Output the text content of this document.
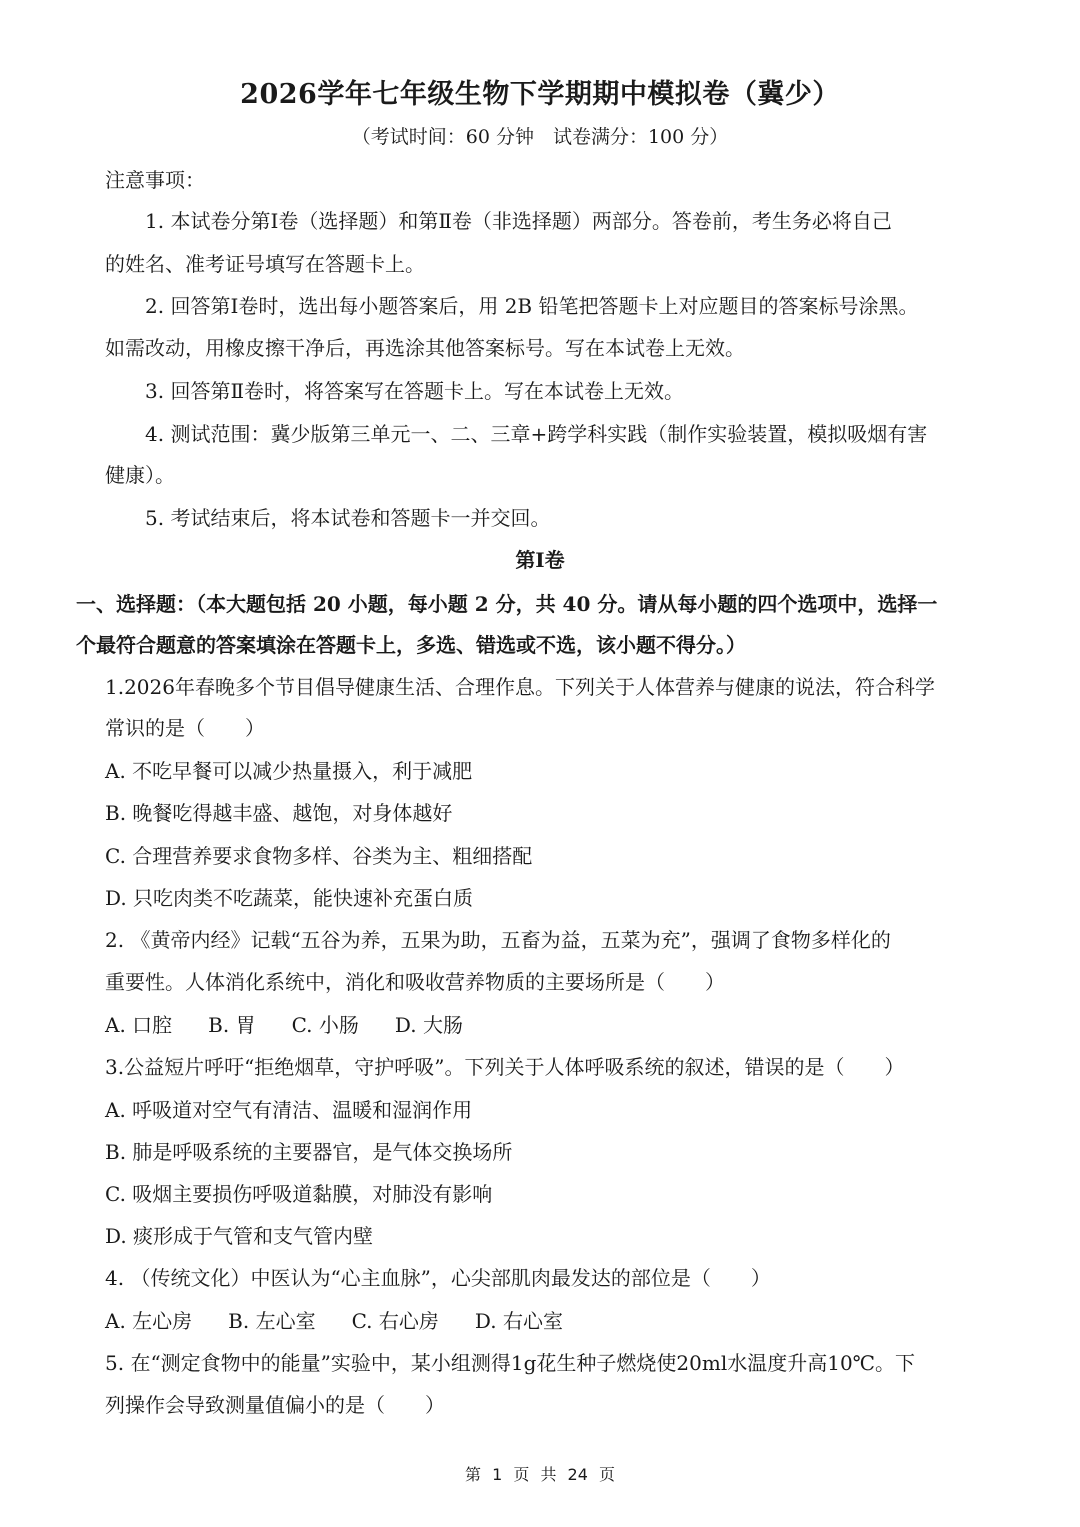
2026学年七年级生物下学期期中模拟卷（冀少）
（考试时间：60 分钟　试卷满分：100 分）
注意事项：
1. 本试卷分第Ⅰ卷（选择题）和第Ⅱ卷（非选择题）两部分。答卷前，考生务必将自己
的姓名、准考证号填写在答题卡上。
2. 回答第Ⅰ卷时，选出每小题答案后，用 2B 铅笔把答题卡上对应题目的答案标号涂黑。
如需改动，用橡皮擦干净后，再选涂其他答案标号。写在本试卷上无效。
3. 回答第Ⅱ卷时，将答案写在答题卡上。写在本试卷上无效。
4. 测试范围：冀少版第三单元一、二、三章+跨学科实践（制作实验装置，模拟吸烟有害
健康）。
5. 考试结束后，将本试卷和答题卡一并交回。
第Ⅰ卷
一、选择题：（本大题包括 20 小题，每小题 2 分，共 40 分。请从每小题的四个选项中，选择一
个最符合题意的答案填涂在答题卡上，多选、错选或不选，该小题不得分。）
1.2026年春晚多个节目倡导健康生活、合理作息。下列关于人体营养与健康的说法，符合科学
常识的是（　　）
A. 不吃早餐可以减少热量摄入，利于减肥
B. 晚餐吃得越丰盛、越饱，对身体越好
C. 合理营养要求食物多样、谷类为主、粗细搭配
D. 只吃肉类不吃蔬菜，能快速补充蛋白质
2. 《黄帝内经》记载“五谷为养，五果为助，五畜为益，五菜为充”，强调了食物多样化的
重要性。人体消化系统中，消化和吸收营养物质的主要场所是（　　）
A. 口腔 B. 胃 C. 小肠 D. 大肠
3.公益短片呼吁“拒绝烟草，守护呼吸”。下列关于人体呼吸系统的叙述，错误的是（　　）
A. 呼吸道对空气有清洁、温暖和湿润作用
B. 肺是呼吸系统的主要器官，是气体交换场所
C. 吸烟主要损伤呼吸道黏膜，对肺没有影响
D. 痰形成于气管和支气管内壁
4. （传统文化）中医认为“心主血脉”，心尖部肌肉最发达的部位是（　　）
A. 左心房 B. 左心室 C. 右心房 D. 右心室
5. 在“测定食物中的能量”实验中，某小组测得1g花生种子燃烧使20ml水温度升高10℃。下
列操作会导致测量值偏小的是（　　）
第 1 页 共 24 页
